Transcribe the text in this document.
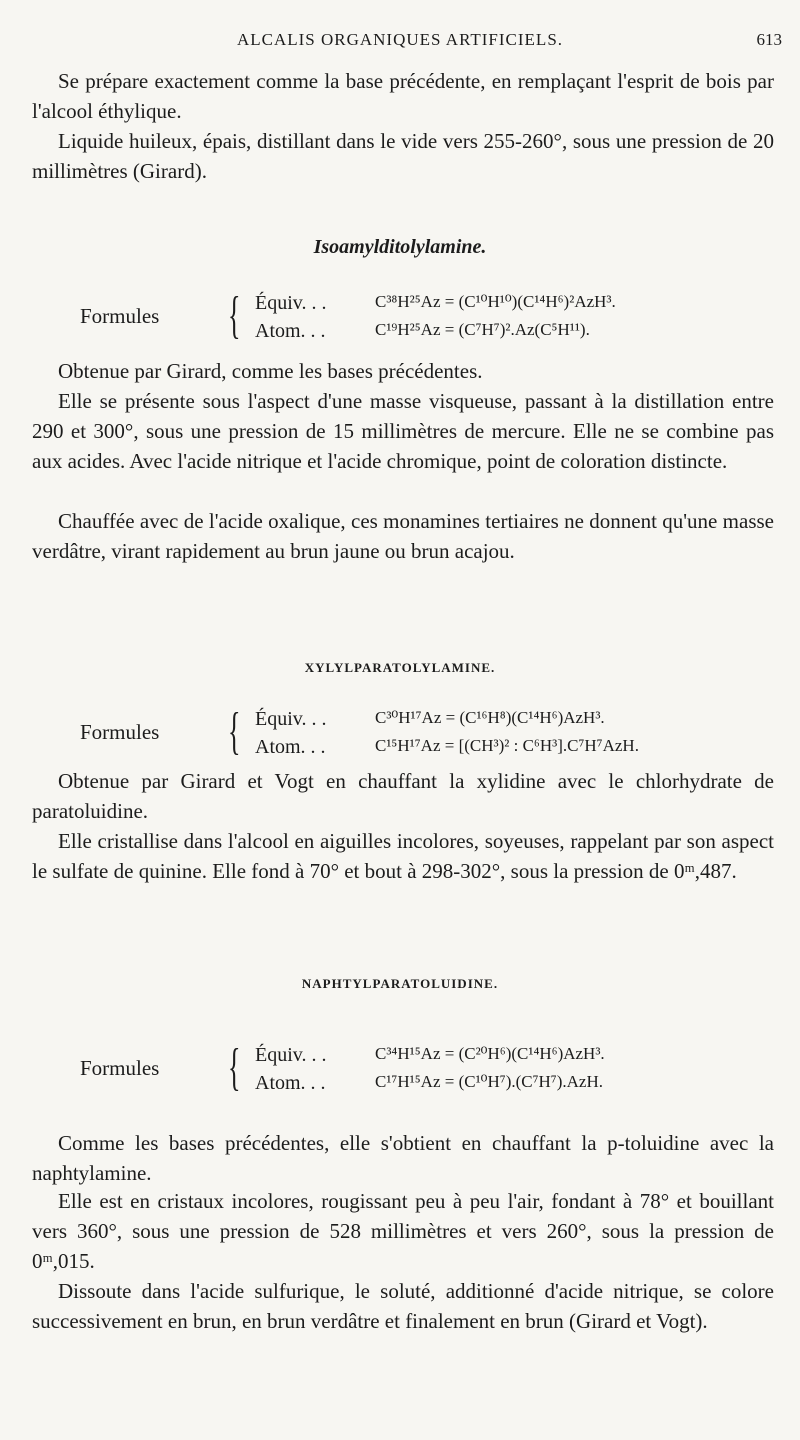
ALCALIS ORGANIQUES ARTIFICIELS.	613

Se prépare exactement comme la base précédente, en remplaçant l'esprit de bois par l'alcool éthylique.

Liquide huileux, épais, distillant dans le vide vers 255-260°, sous une pression de 20 millimètres (Girard).

Isoamylditolylamine.
Formules { Équiv. . .	C³⁸H²⁵Az = (C¹⁰H¹⁰)(C¹⁴H⁶)²AzH³.
Atom. . .	C¹⁹H²⁵Az = (C⁷H⁷)².Az(C⁵H¹¹).

Obtenue par Girard, comme les bases précédentes.

Elle se présente sous l'aspect d'une masse visqueuse, passant à la distillation entre 290 et 300°, sous une pression de 15 millimètres de mercure. Elle ne se combine pas aux acides. Avec l'acide nitrique et l'acide chromique, point de coloration distincte.

Chauffée avec de l'acide oxalique, ces monamines tertiaires ne donnent qu'une masse verdâtre, virant rapidement au brun jaune ou brun acajou.

XYLYLPARATOLYLAMINE.
Formules { Équiv. . .	C³⁰H¹⁷Az = (C¹⁶H⁸)(C¹⁴H⁶)AzH³.
Atom. . .	C¹⁵H¹⁷Az = [(CH³)² : C⁶H³].C⁷H⁷AzH.

Obtenue par Girard et Vogt en chauffant la xylidine avec le chlorhydrate de paratoluidine.

Elle cristallise dans l'alcool en aiguilles incolores, soyeuses, rappelant par son aspect le sulfate de quinine. Elle fond à 70° et bout à 298-302°, sous la pression de 0ᵐ,487.

NAPHTYLPARATOLUIDINE.
Formules { Équiv. . .	C³⁴H¹⁵Az = (C²⁰H⁶)(C¹⁴H⁶)AzH³.
Atom. . .	C¹⁷H¹⁵Az = (C¹⁰H⁷).(C⁷H⁷).AzH.

Comme les bases précédentes, elle s'obtient en chauffant la p-toluidine avec la naphtylamine.

Elle est en cristaux incolores, rougissant peu à peu l'air, fondant à 78° et bouillant vers 360°, sous une pression de 528 millimètres et vers 260°, sous la pression de 0ᵐ,015.

Dissoute dans l'acide sulfurique, le soluté, additionné d'acide nitrique, se colore successivement en brun, en brun verdâtre et finalement en brun (Girard et Vogt).
